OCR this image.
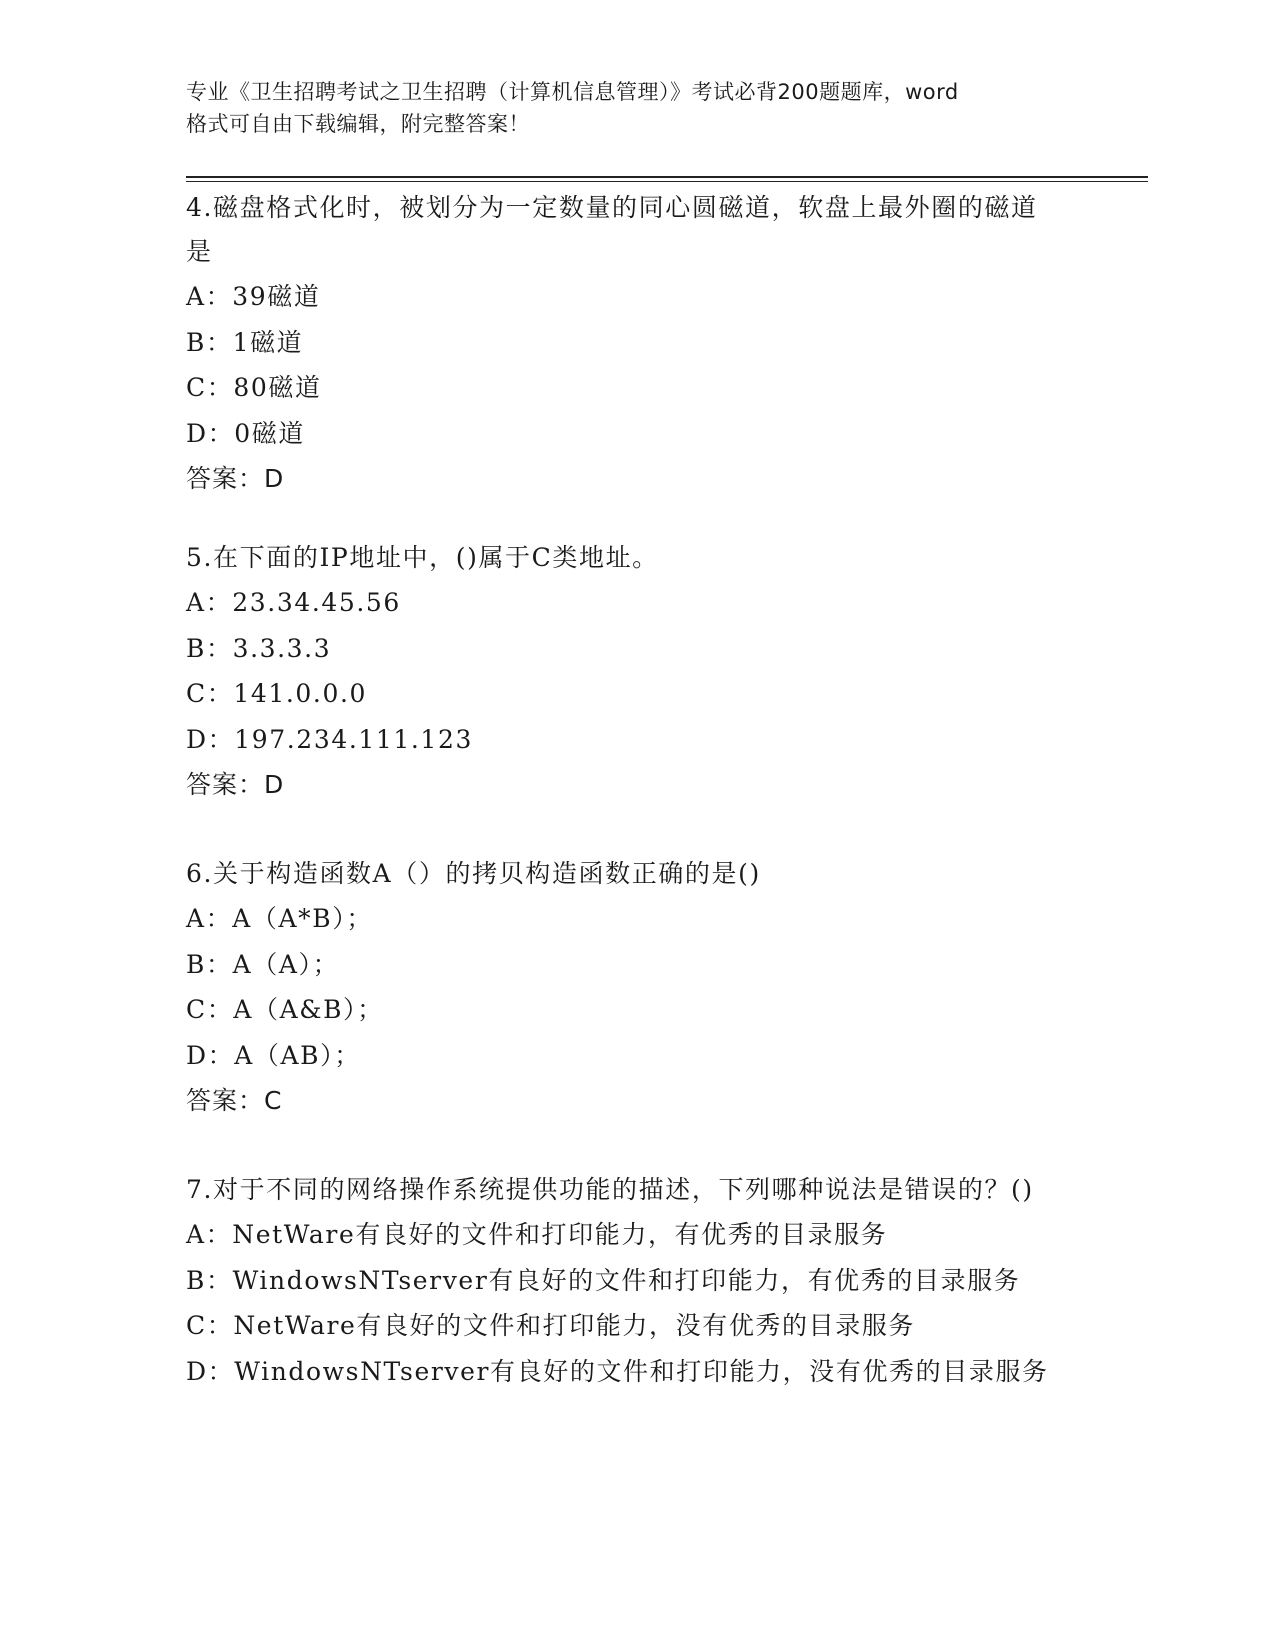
专业《卫生招聘考试之卫生招聘（计算机信息管理）》考试必背200题题库，word
格式可自由下载编辑，附完整答案！

4.磁盘格式化时，被划分为一定数量的同心圆磁道，软盘上最外圈的磁道是

A：39磁道

B：1磁道

C：80磁道

D：0磁道

答案：D

5.在下面的IP地址中，()属于C类地址。

A：23.34.45.56

B：3.3.3.3

C：141.0.0.0

D：197.234.111.123

答案：D

6.关于构造函数A（）的拷贝构造函数正确的是()

A：A（A*B）；

B：A（A）；

C：A（A&B）；

D：A（AB）；

答案：C

7.对于不同的网络操作系统提供功能的描述，下列哪种说法是错误的？()

A：NetWare有良好的文件和打印能力，有优秀的目录服务

B：WindowsNTserver有良好的文件和打印能力，有优秀的目录服务

C：NetWare有良好的文件和打印能力，没有优秀的目录服务

D：WindowsNTserver有良好的文件和打印能力，没有优秀的目录服务
